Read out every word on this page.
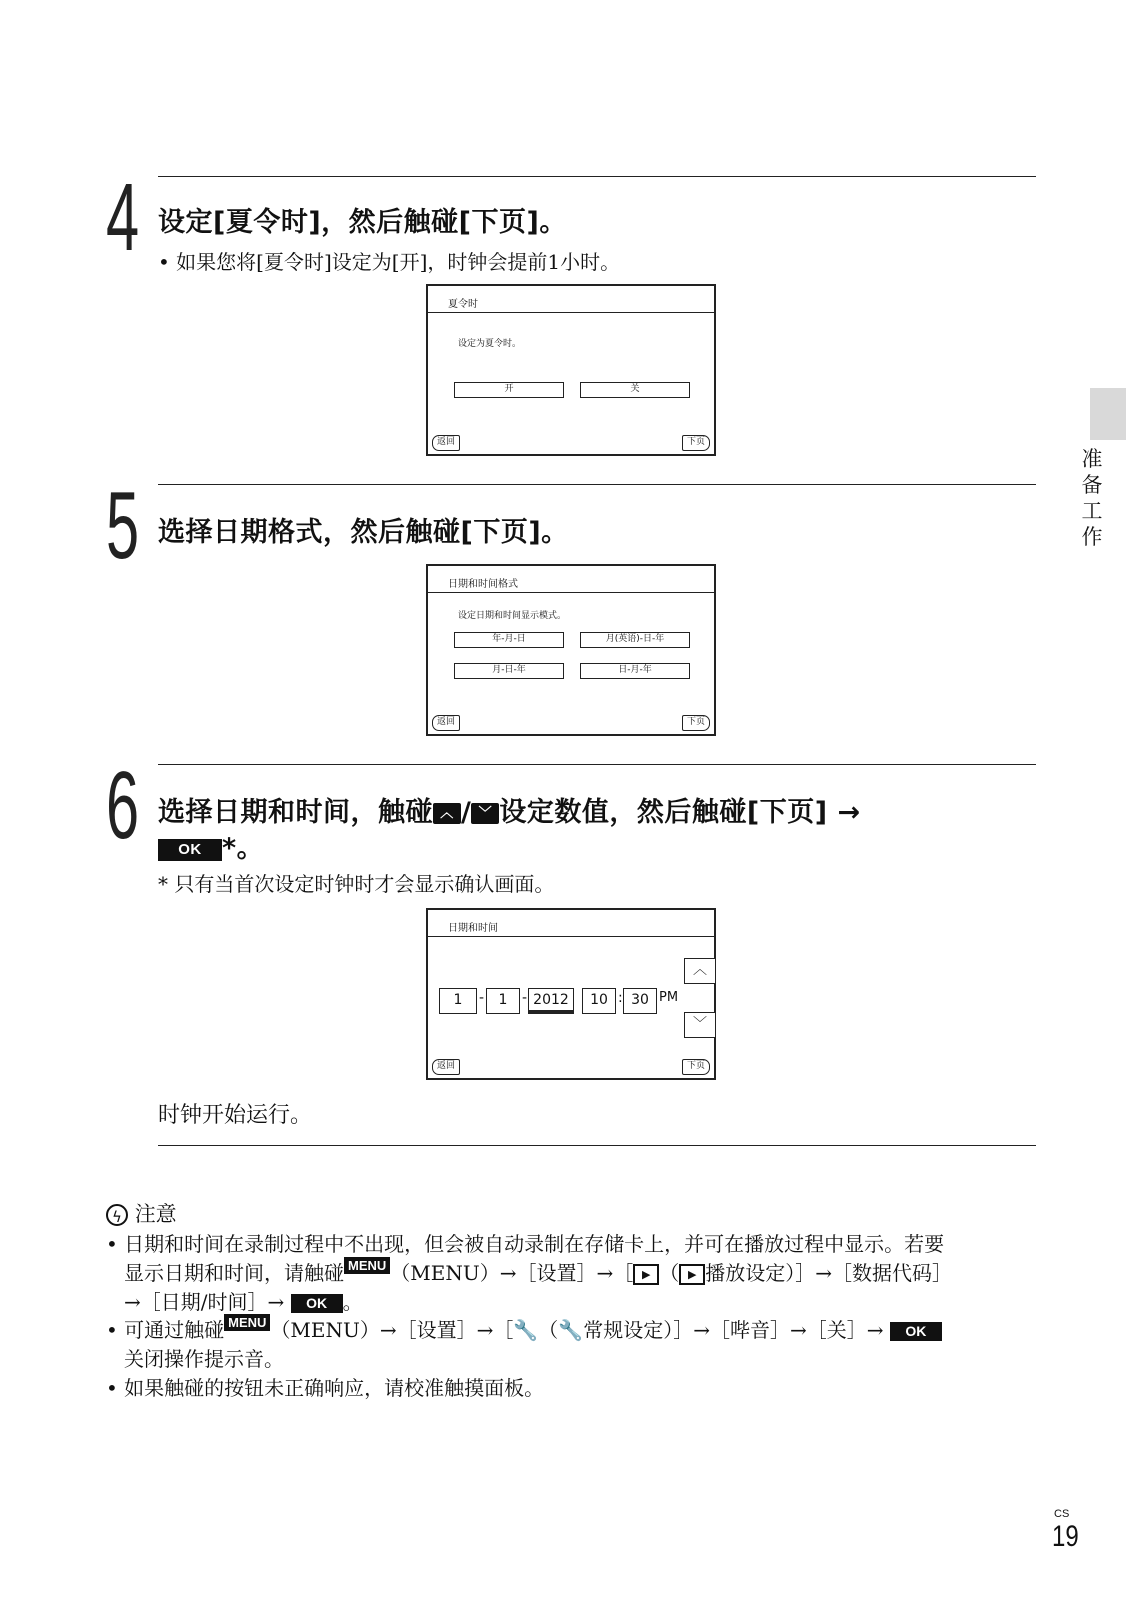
准备工作
4 设定[夏令时]，然后触碰[下页]。
• 如果您将[夏令时]设定为[开]，时钟会提前1小时。
夏令时
设定为夏令时。
开	关
返回	下页
5 选择日期格式，然后触碰[下页]。
日期和时间格式
设定日期和时间显示模式。
年-月-日	月(英语)-日-年
月-日-年	日-月-年
返回	下页
6 选择日期和时间，触碰 ︿ / ﹀ 设定数值，然后触碰[下页] →
OK *。
* 只有当首次设定时钟时才会显示确认画面。
日期和时间
︿
1	-	1	- 2012	10 : 30 PM
﹀
返回	下页
时钟开始运行。
ϟ 注意
• 日期和时间在录制过程中不出现，但会被自动录制在存储卡上，并可在播放过程中显示。若要
显示日期和时间，请触碰 MENU （MENU）→［设置］→［ ▶ （ ▶ 播放设定）］→［数据代码］
→［日期/时间］→ OK 。
• 可通过触碰 MENU （MENU）→［设置］→［🔧（🔧常规设定）］→［哔音］→［关］→ OK
关闭操作提示音。
• 如果触碰的按钮未正确响应，请校准触摸面板。
CS
19
